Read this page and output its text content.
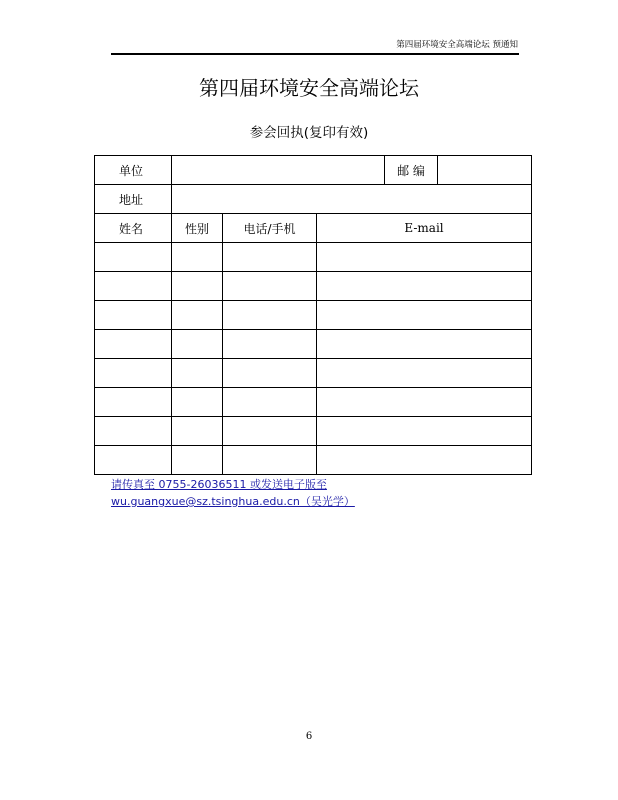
第四届环境安全高端论坛 预通知
第四届环境安全高端论坛
参会回执(复印有效)
单位				邮 编	
地址					
姓名	性别	电话/手机	E-mail		

请传真至 0755-26036511 或发送电子版至 wu.guangxue@sz.tsinghua.edu.cn（吴光学）
6
